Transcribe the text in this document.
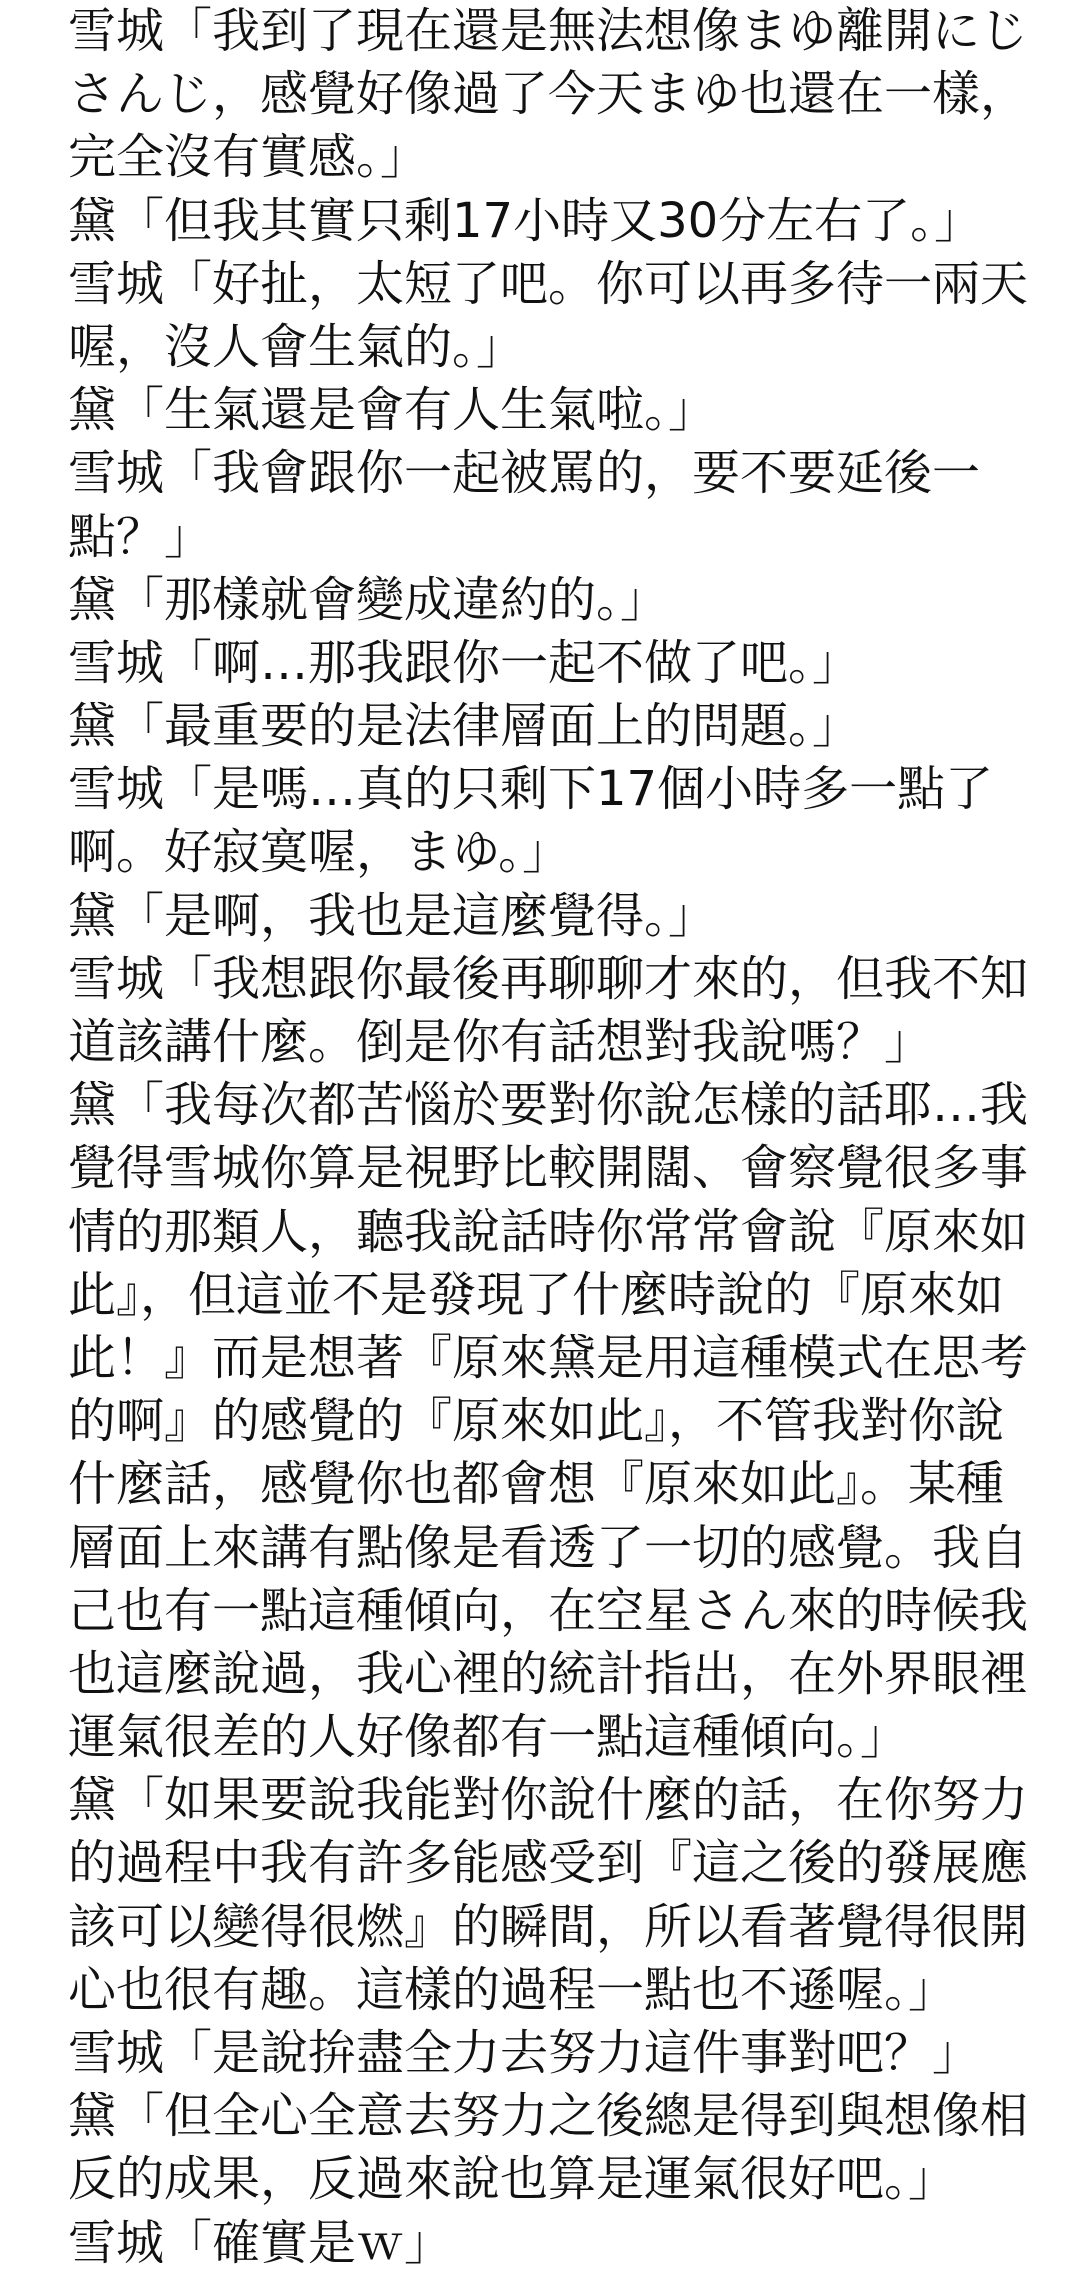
雪城「我到了現在還是無法想像まゆ離開にじ
さんじ，感覺好像過了今天まゆ也還在一樣，
完全沒有實感。」
黛「但我其實只剩17小時又30分左右了。」
雪城「好扯，太短了吧。你可以再多待一兩天
喔，沒人會生氣的。」
黛「生氣還是會有人生氣啦。」
雪城「我會跟你一起被罵的，要不要延後一
點？」
黛「那樣就會變成違約的。」
雪城「啊…那我跟你一起不做了吧。」
黛「最重要的是法律層面上的問題。」
雪城「是嗎…真的只剩下17個小時多一點了
啊。好寂寞喔，まゆ。」
黛「是啊，我也是這麼覺得。」
雪城「我想跟你最後再聊聊才來的，但我不知
道該講什麼。倒是你有話想對我說嗎？」
黛「我每次都苦惱於要對你說怎樣的話耶…我
覺得雪城你算是視野比較開闊、會察覺很多事
情的那類人，聽我說話時你常常會說『原來如
此』，但這並不是發現了什麼時說的『原來如
此！』而是想著『原來黛是用這種模式在思考
的啊』的感覺的『原來如此』，不管我對你說
什麼話，感覺你也都會想『原來如此』。某種
層面上來講有點像是看透了一切的感覺。我自
己也有一點這種傾向，在空星さん來的時候我
也這麼說過，我心裡的統計指出，在外界眼裡
運氣很差的人好像都有一點這種傾向。」
黛「如果要說我能對你說什麼的話，在你努力
的過程中我有許多能感受到『這之後的發展應
該可以變得很燃』的瞬間，所以看著覺得很開
心也很有趣。這樣的過程一點也不遜喔。」
雪城「是說拚盡全力去努力這件事對吧？」
黛「但全心全意去努力之後總是得到與想像相
反的成果，反過來說也算是運氣很好吧。」
雪城「確實是ｗ」
